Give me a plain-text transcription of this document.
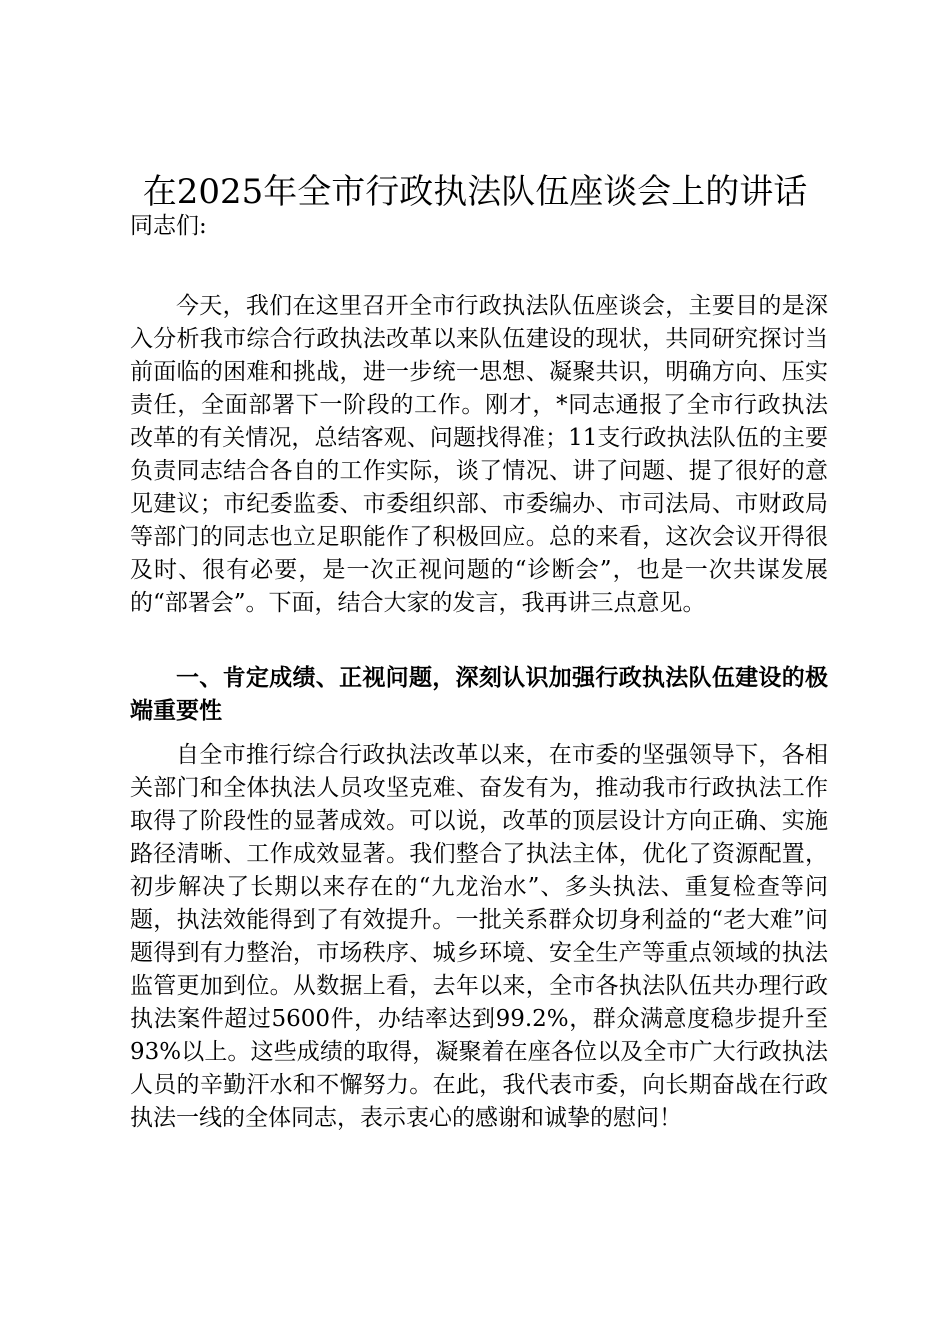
在2025年全市行政执法队伍座谈会上的讲话
同志们:
今天，我们在这里召开全市行政执法队伍座谈会，主要目的是深入分析我市综合行政执法改革以来队伍建设的现状，共同研究探讨当前面临的困难和挑战，进一步统一思想、凝聚共识，明确方向、压实责任，全面部署下一阶段的工作。刚才，*同志通报了全市行政执法改革的有关情况，总结客观、问题找得准；11支行政执法队伍的主要负责同志结合各自的工作实际，谈了情况、讲了问题、提了很好的意见建议；市纪委监委、市委组织部、市委编办、市司法局、市财政局等部门的同志也立足职能作了积极回应。总的来看，这次会议开得很及时、很有必要，是一次正视问题的“诊断会”，也是一次共谋发展的“部署会”。下面，结合大家的发言，我再讲三点意见。
一、肯定成绩、正视问题，深刻认识加强行政执法队伍建设的极端重要性
自全市推行综合行政执法改革以来，在市委的坚强领导下，各相关部门和全体执法人员攻坚克难、奋发有为，推动我市行政执法工作取得了阶段性的显著成效。可以说，改革的顶层设计方向正确、实施路径清晰、工作成效显著。我们整合了执法主体，优化了资源配置，初步解决了长期以来存在的“九龙治水”、多头执法、重复检查等问题，执法效能得到了有效提升。一批关系群众切身利益的“老大难”问题得到有力整治，市场秩序、城乡环境、安全生产等重点领域的执法监管更加到位。从数据上看，去年以来，全市各执法队伍共办理行政执法案件超过5600件，办结率达到99.2%，群众满意度稳步提升至93%以上。这些成绩的取得，凝聚着在座各位以及全市广大行政执法人员的辛勤汗水和不懈努力。在此，我代表市委，向长期奋战在行政执法一线的全体同志，表示衷心的感谢和诚挚的慰问！
